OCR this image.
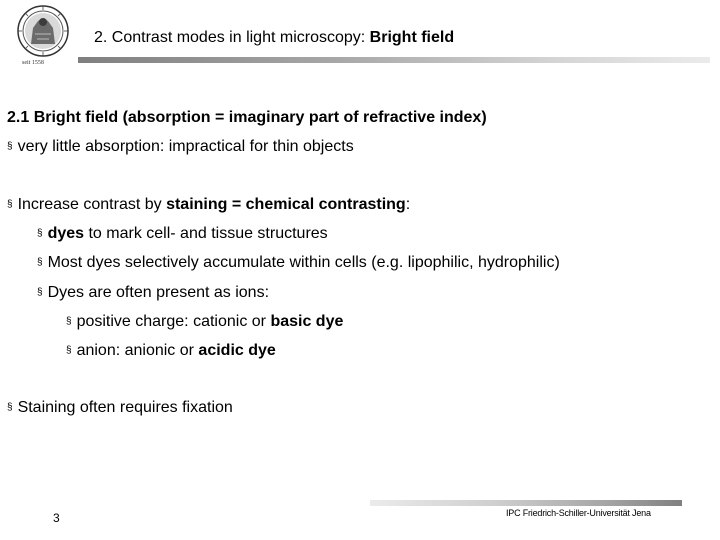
seit 1558
2. Contrast modes in light microscopy: Bright field
2.1 Bright field (absorption = imaginary part of refractive index)
§ very little absorption: impractical for thin objects
§ Increase contrast by staining = chemical contrasting:
§ dyes to mark cell- and tissue structures
§ Most dyes selectively accumulate within cells (e.g. lipophilic, hydrophilic)
§ Dyes are often present as ions:
§ positive charge: cationic or basic dye
§ anion: anionic or acidic dye
§ Staining often requires fixation
3	IPC Friedrich-Schiller-Universität Jena
